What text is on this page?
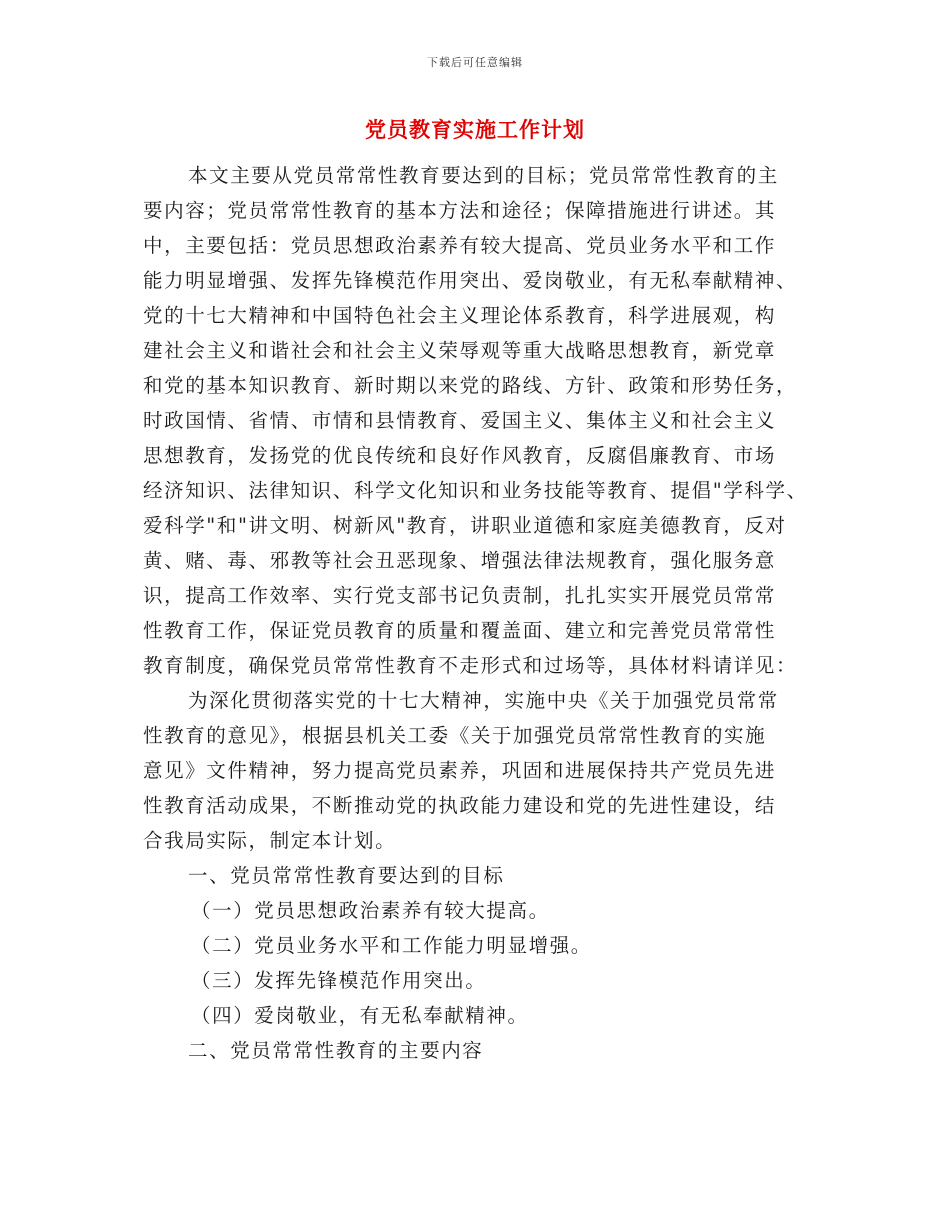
下载后可任意编辑
党员教育实施工作计划
本文主要从党员常常性教育要达到的目标；党员常常性教育的主
要内容；党员常常性教育的基本方法和途径；保障措施进行讲述。其
中，主要包括：党员思想政治素养有较大提高、党员业务水平和工作
能力明显增强、发挥先锋模范作用突出、爱岗敬业，有无私奉献精神、
党的十七大精神和中国特色社会主义理论体系教育，科学进展观，构
建社会主义和谐社会和社会主义荣辱观等重大战略思想教育，新党章
和党的基本知识教育、新时期以来党的路线、方针、政策和形势任务，
时政国情、省情、市情和县情教育、爱国主义、集体主义和社会主义
思想教育，发扬党的优良传统和良好作风教育，反腐倡廉教育、市场
经济知识、法律知识、科学文化知识和业务技能等教育、提倡"学科学、
爱科学"和"讲文明、树新风"教育，讲职业道德和家庭美德教育，反对
黄、赌、毒、邪教等社会丑恶现象、增强法律法规教育，强化服务意
识，提高工作效率、实行党支部书记负责制，扎扎实实开展党员常常
性教育工作，保证党员教育的质量和覆盖面、建立和完善党员常常性
教育制度，确保党员常常性教育不走形式和过场等，具体材料请详见：
为深化贯彻落实党的十七大精神，实施中央《关于加强党员常常
性教育的意见》，根据县机关工委《关于加强党员常常性教育的实施
意见》文件精神，努力提高党员素养，巩固和进展保持共产党员先进
性教育活动成果，不断推动党的执政能力建设和党的先进性建设，结
合我局实际，制定本计划。
一、党员常常性教育要达到的目标
（一）党员思想政治素养有较大提高。
（二）党员业务水平和工作能力明显增强。
（三）发挥先锋模范作用突出。
（四）爱岗敬业，有无私奉献精神。
二、党员常常性教育的主要内容
